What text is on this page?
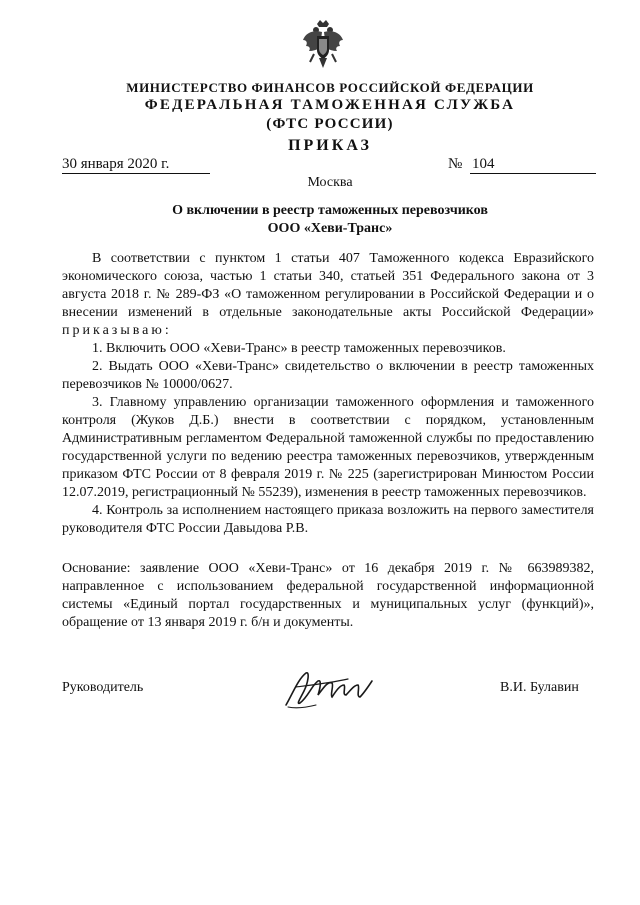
МИНИСТЕРСТВО ФИНАНСОВ РОССИЙСКОЙ ФЕДЕРАЦИИ
ФЕДЕРАЛЬНАЯ ТАМОЖЕННАЯ СЛУЖБА
(ФТС РОССИИ)
ПРИКАЗ
30 января 2020 г.	№ 104
Москва
О включении в реестр таможенных перевозчиков
ООО «Хеви-Транс»

В соответствии с пунктом 1 статьи 407 Таможенного кодекса Евразийского экономического союза, частью 1 статьи 340, статьей 351 Федерального закона от 3 августа 2018 г. № 289-ФЗ «О таможенном регулировании в Российской Федерации и о внесении изменений в отдельные законодательные акты Российской Федерации» приказываю:

1. Включить ООО «Хеви-Транс» в реестр таможенных перевозчиков.

2. Выдать ООО «Хеви-Транс» свидетельство о включении в реестр таможенных перевозчиков № 10000/0627.

3. Главному управлению организации таможенного оформления и таможенного контроля (Жуков Д.Б.) внести в соответствии с порядком, установленным Административным регламентом Федеральной таможенной службы по предоставлению государственной услуги по ведению реестра таможенных перевозчиков, утвержденным приказом ФТС России от 8 февраля 2019 г. № 225 (зарегистрирован Минюстом России 12.07.2019, регистрационный № 55239), изменения в реестр таможенных перевозчиков.

4. Контроль за исполнением настоящего приказа возложить на первого заместителя руководителя ФТС России Давыдова Р.В.

Основание: заявление ООО «Хеви-Транс» от 16 декабря 2019 г. № 663989382, направленное с использованием федеральной государственной информационной системы «Единый портал государственных и муниципальных услуг (функций)», обращение от 13 января 2019 г. б/н и документы.

Руководитель	В.И. Булавин
